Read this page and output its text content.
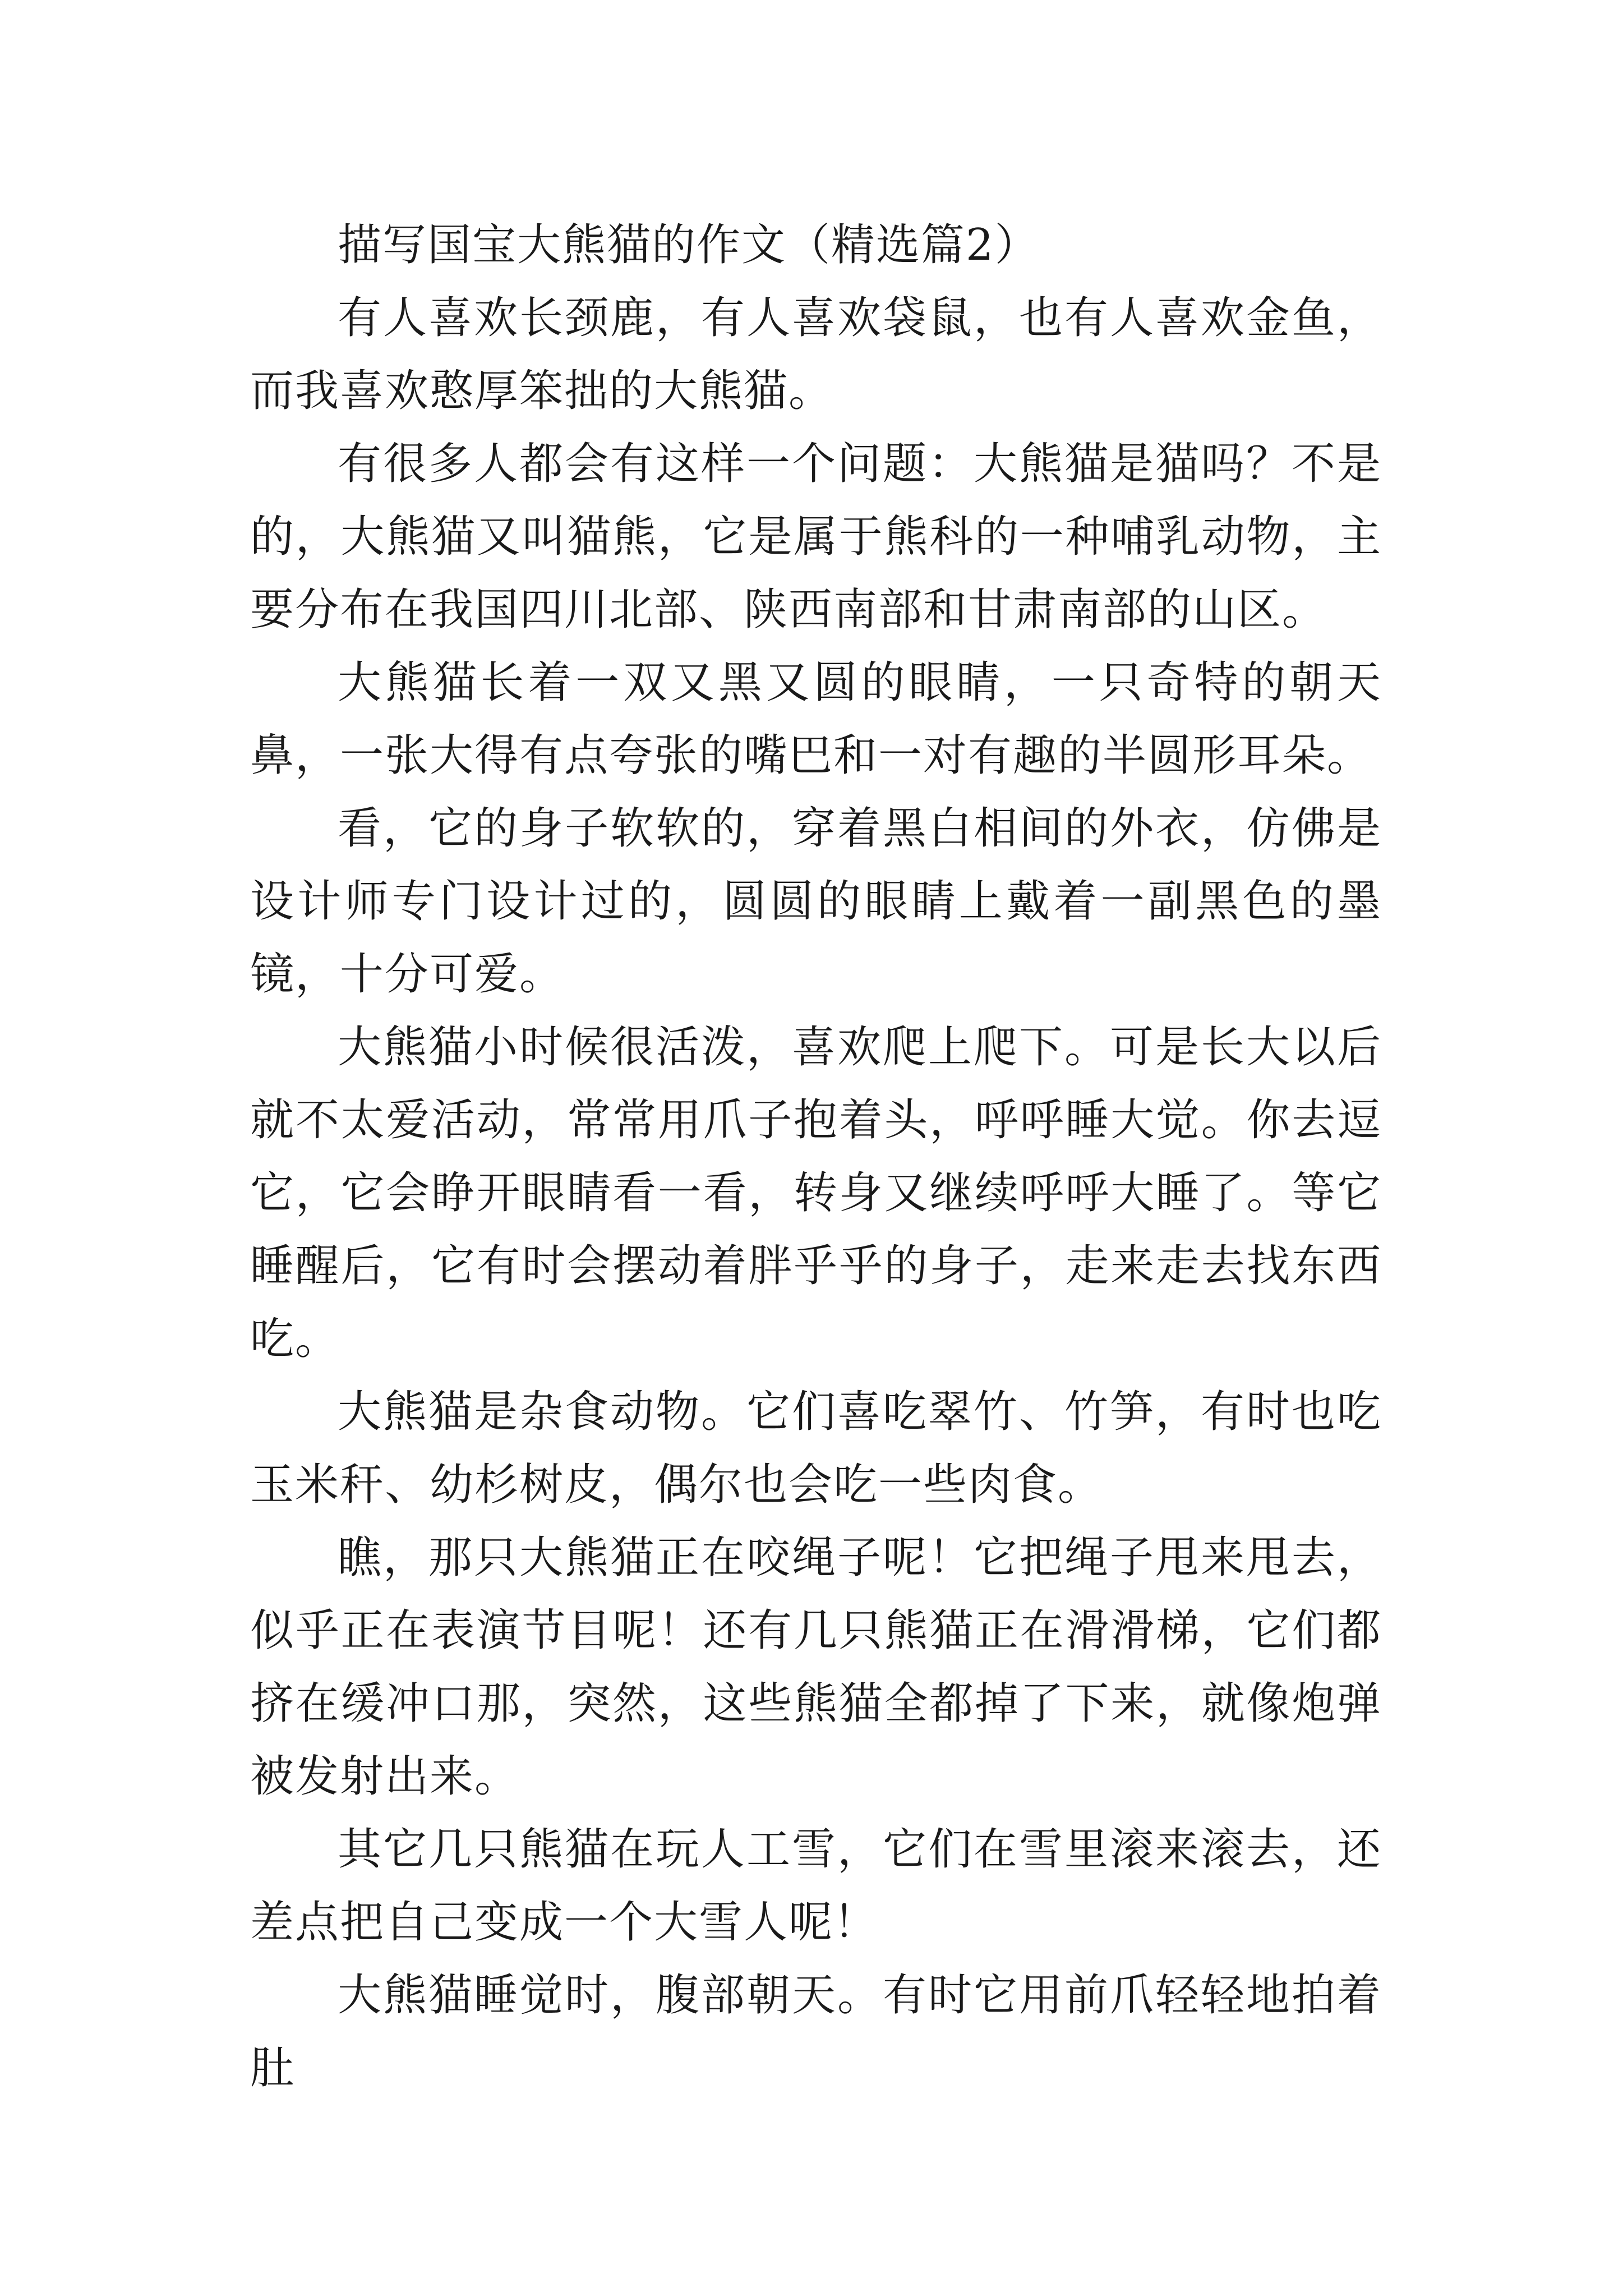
描写国宝大熊猫的作文（精选篇2）

有人喜欢长颈鹿，有人喜欢袋鼠，也有人喜欢金鱼，而我喜欢憨厚笨拙的大熊猫。

有很多人都会有这样一个问题：大熊猫是猫吗？不是的，大熊猫又叫猫熊，它是属于熊科的一种哺乳动物，主要分布在我国四川北部、陕西南部和甘肃南部的山区。

大熊猫长着一双又黑又圆的眼睛，一只奇特的朝天鼻，一张大得有点夸张的嘴巴和一对有趣的半圆形耳朵。

看，它的身子软软的，穿着黑白相间的外衣，仿佛是设计师专门设计过的，圆圆的眼睛上戴着一副黑色的墨镜，十分可爱。

大熊猫小时候很活泼，喜欢爬上爬下。可是长大以后就不太爱活动，常常用爪子抱着头，呼呼睡大觉。你去逗它，它会睁开眼睛看一看，转身又继续呼呼大睡了。等它睡醒后，它有时会摆动着胖乎乎的身子，走来走去找东西吃。

大熊猫是杂食动物。它们喜吃翠竹、竹笋，有时也吃玉米秆、幼杉树皮，偶尔也会吃一些肉食。

瞧，那只大熊猫正在咬绳子呢！它把绳子甩来甩去，似乎正在表演节目呢！还有几只熊猫正在滑滑梯，它们都挤在缓冲口那，突然，这些熊猫全都掉了下来，就像炮弹被发射出来。

其它几只熊猫在玩人工雪，它们在雪里滚来滚去，还差点把自己变成一个大雪人呢！

大熊猫睡觉时，腹部朝天。有时它用前爪轻轻地拍着肚
